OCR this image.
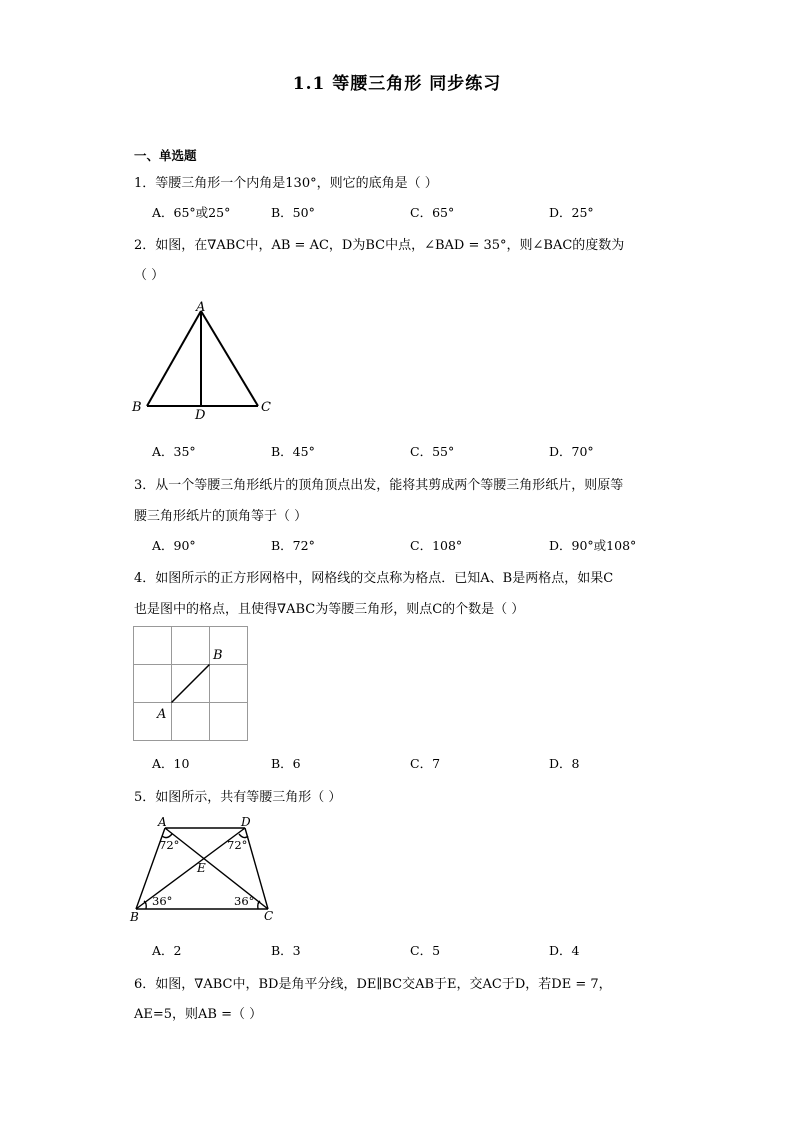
1.1 等腰三角形 同步练习
一、单选题
1．等腰三角形一个内角是130°，则它的底角是（ ）
A．65°或25°	B．50°	C．65°	D．25°
2．如图，在∇ABC中，AB = AC，D为BC中点，∠BAD = 35°，则∠BAC的度数为
（ ）
A
B	C
D
A．35°	B．45°	C．55°	D．70°
3．从一个等腰三角形纸片的顶角顶点出发，能将其剪成两个等腰三角形纸片，则原等
腰三角形纸片的顶角等于（ ）
A．90°	B．72°	C．108°	D．90°或108°
4．如图所示的正方形网格中，网格线的交点称为格点．已知A、B是两格点，如果C
也是图中的格点，且使得∇ABC为等腰三角形，则点C的个数是（ ）
A
B
A．10	B．6	C．7	D．8
5．如图所示，共有等腰三角形（ ）
A	D
B	C
E
72°	72°
36°	36°
A．2	B．3	C．5	D．4
6．如图，∇ABC中，BD是角平分线，DE∥BC交AB于E，交AC于D，若DE = 7，
AE=5，则AB =（ ）
